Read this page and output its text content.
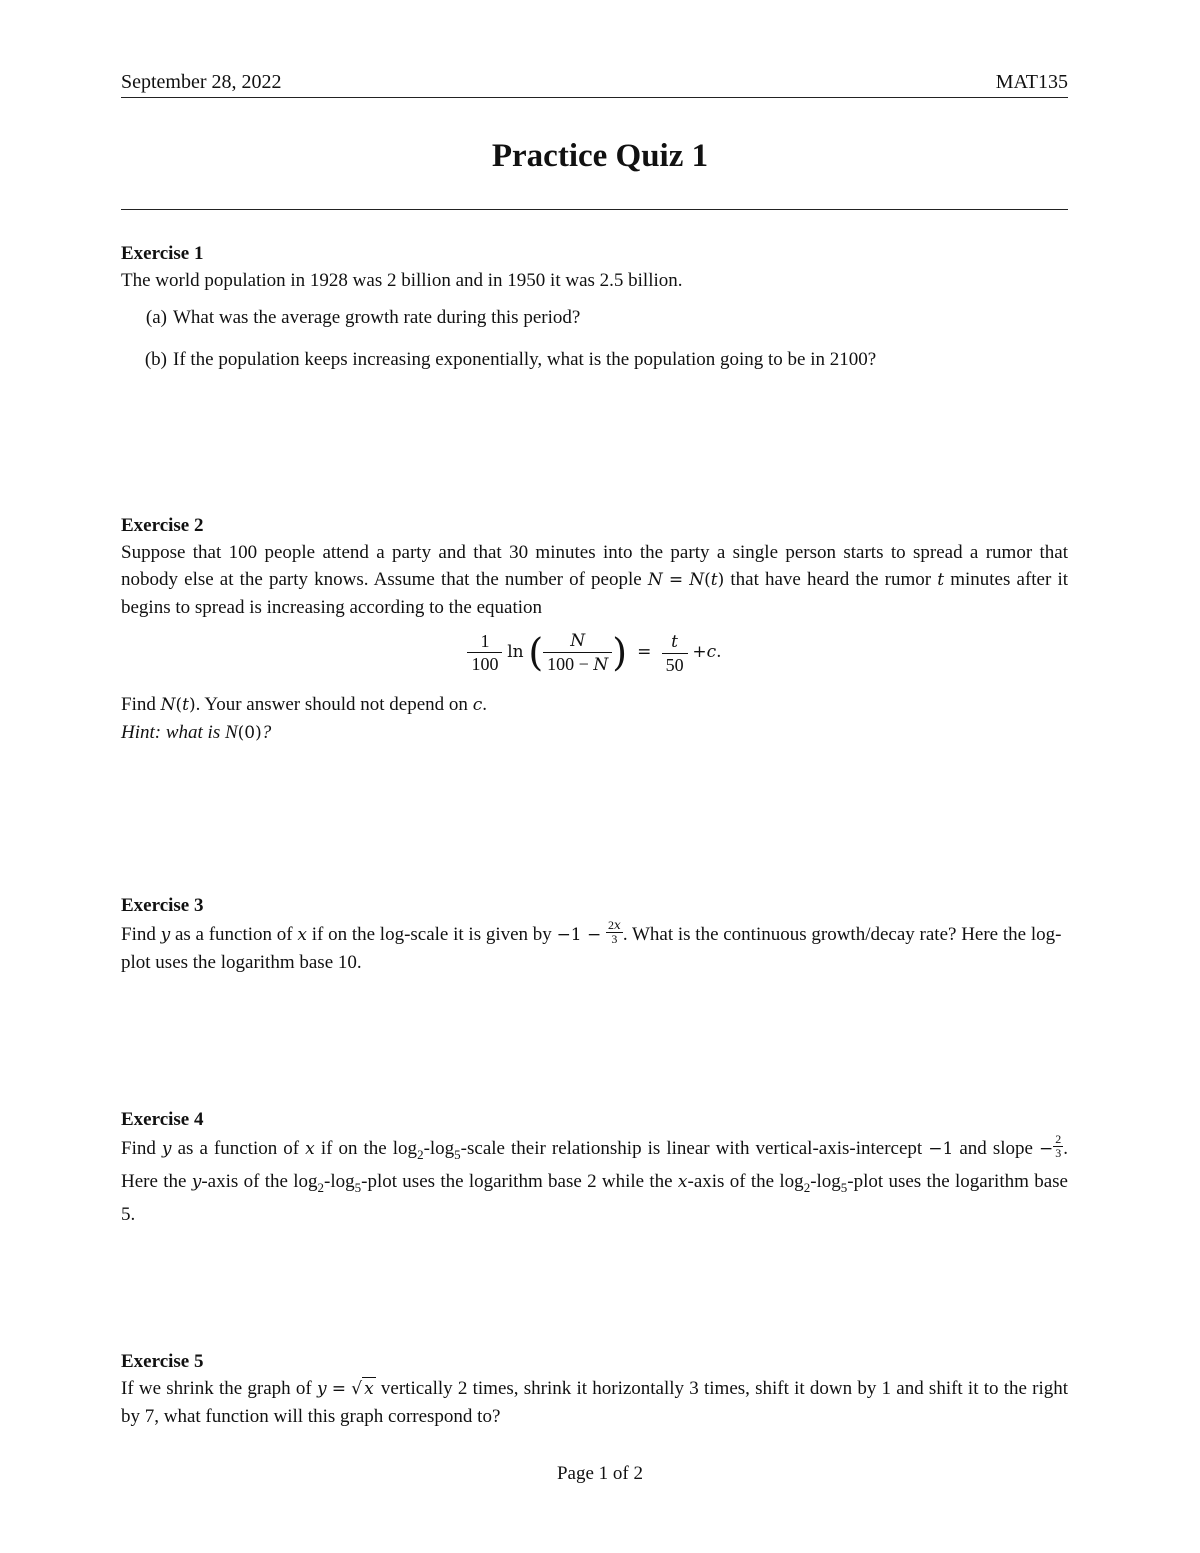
September 28, 2022	MAT135
Practice Quiz 1
Exercise 1

The world population in 1928 was 2 billion and in 1950 it was 2.5 billion.

(a) What was the average growth rate during this period?
(b) If the population keeps increasing exponentially, what is the population going to be in 2100?
Exercise 2

Suppose that 100 people attend a party and that 30 minutes into the party a single person starts to spread a rumor that nobody else at the party knows. Assume that the number of people N = N(t) that have heard the rumor t minutes after it begins to spread is increasing according to the equation

$\frac{1}{100}$ ln ( $\frac{N}{100 - N}$ )  = $\frac{t}{50} +c$.

Find N(t). Your answer should not depend on c.

Hint: what is N(0)?

Exercise 3

Find y as a function of x if on the log-scale it is given by $-1 - \frac{2x}{3}$ . What is the continuous growth/decay rate? Here the log-plot uses the logarithm base 10.

Exercise 4

Find y as a function of x if on the $\log_2-\log_5$-scale their relationship is linear with vertical-axis-intercept −1 and slope − $\frac{2}{3}$ . Here the y-axis of the $\log_2-\log_5$-plot uses the logarithm base 2 while the x-axis of the $\log_2-\log_5$-plot uses the logarithm base 5.

Exercise 5

If we shrink the graph of y = √ x vertically 2 times, shrink it horizontally 3 times, shift it down by 1 and shift it to the right by 7, what function will this graph correspond to?

Page 1 of 2
